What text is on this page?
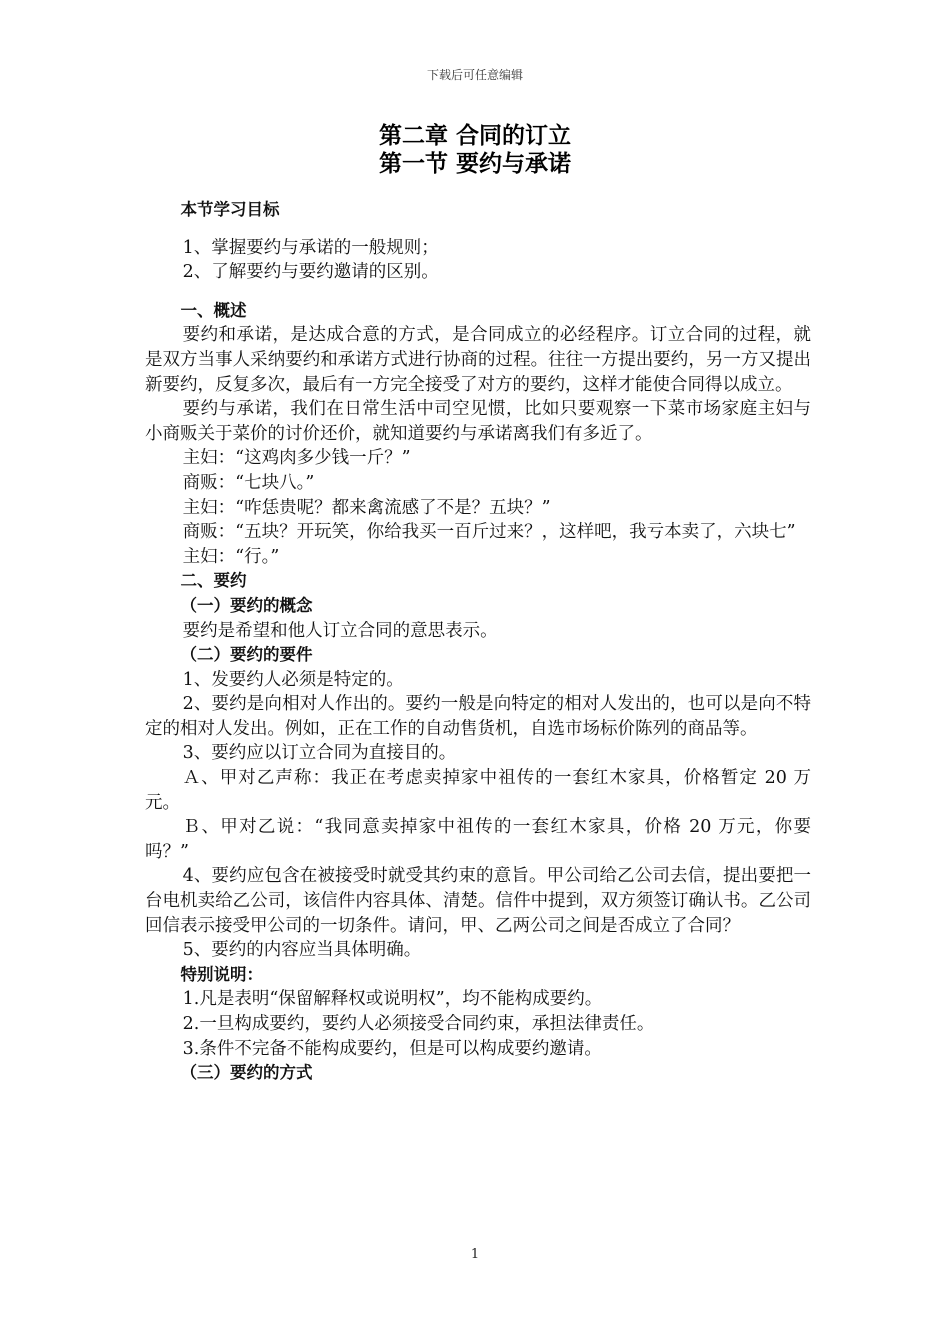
下载后可任意编辑
第二章 合同的订立
第一节 要约与承诺
本节学习目标
1、掌握要约与承诺的一般规则；
2、了解要约与要约邀请的区别。
一、概述
要约和承诺，是达成合意的方式，是合同成立的必经程序。订立合同的过程，就是双方当事人采纳要约和承诺方式进行协商的过程。往往一方提出要约，另一方又提出新要约，反复多次，最后有一方完全接受了对方的要约，这样才能使合同得以成立。
要约与承诺，我们在日常生活中司空见惯，比如只要观察一下菜市场家庭主妇与小商贩关于菜价的讨价还价，就知道要约与承诺离我们有多近了。
主妇：“这鸡肉多少钱一斤？”
商贩：“七块八。”
主妇：“咋恁贵呢？都来禽流感了不是？五块？”
商贩：“五块？开玩笑，你给我买一百斤过来？，这样吧，我亏本卖了，六块七”
主妇：“行。”
二、要约
（一）要约的概念
要约是希望和他人订立合同的意思表示。
（二）要约的要件
1、发要约人必须是特定的。
2、要约是向相对人作出的。要约一般是向特定的相对人发出的，也可以是向不特定的相对人发出。例如，正在工作的自动售货机，自选市场标价陈列的商品等。
3、要约应以订立合同为直接目的。
Ａ、甲对乙声称：我正在考虑卖掉家中祖传的一套红木家具，价格暂定 20 万元。
Ｂ、甲对乙说：“我同意卖掉家中祖传的一套红木家具，价格 20 万元，你要吗？”
4、要约应包含在被接受时就受其约束的意旨。甲公司给乙公司去信，提出要把一台电机卖给乙公司，该信件内容具体、清楚。信件中提到，双方须签订确认书。乙公司回信表示接受甲公司的一切条件。请问，甲、乙两公司之间是否成立了合同？
5、要约的内容应当具体明确。
特别说明：
1.凡是表明“保留解释权或说明权”，均不能构成要约。
2.一旦构成要约，要约人必须接受合同约束，承担法律责任。
3.条件不完备不能构成要约，但是可以构成要约邀请。
（三）要约的方式
1
